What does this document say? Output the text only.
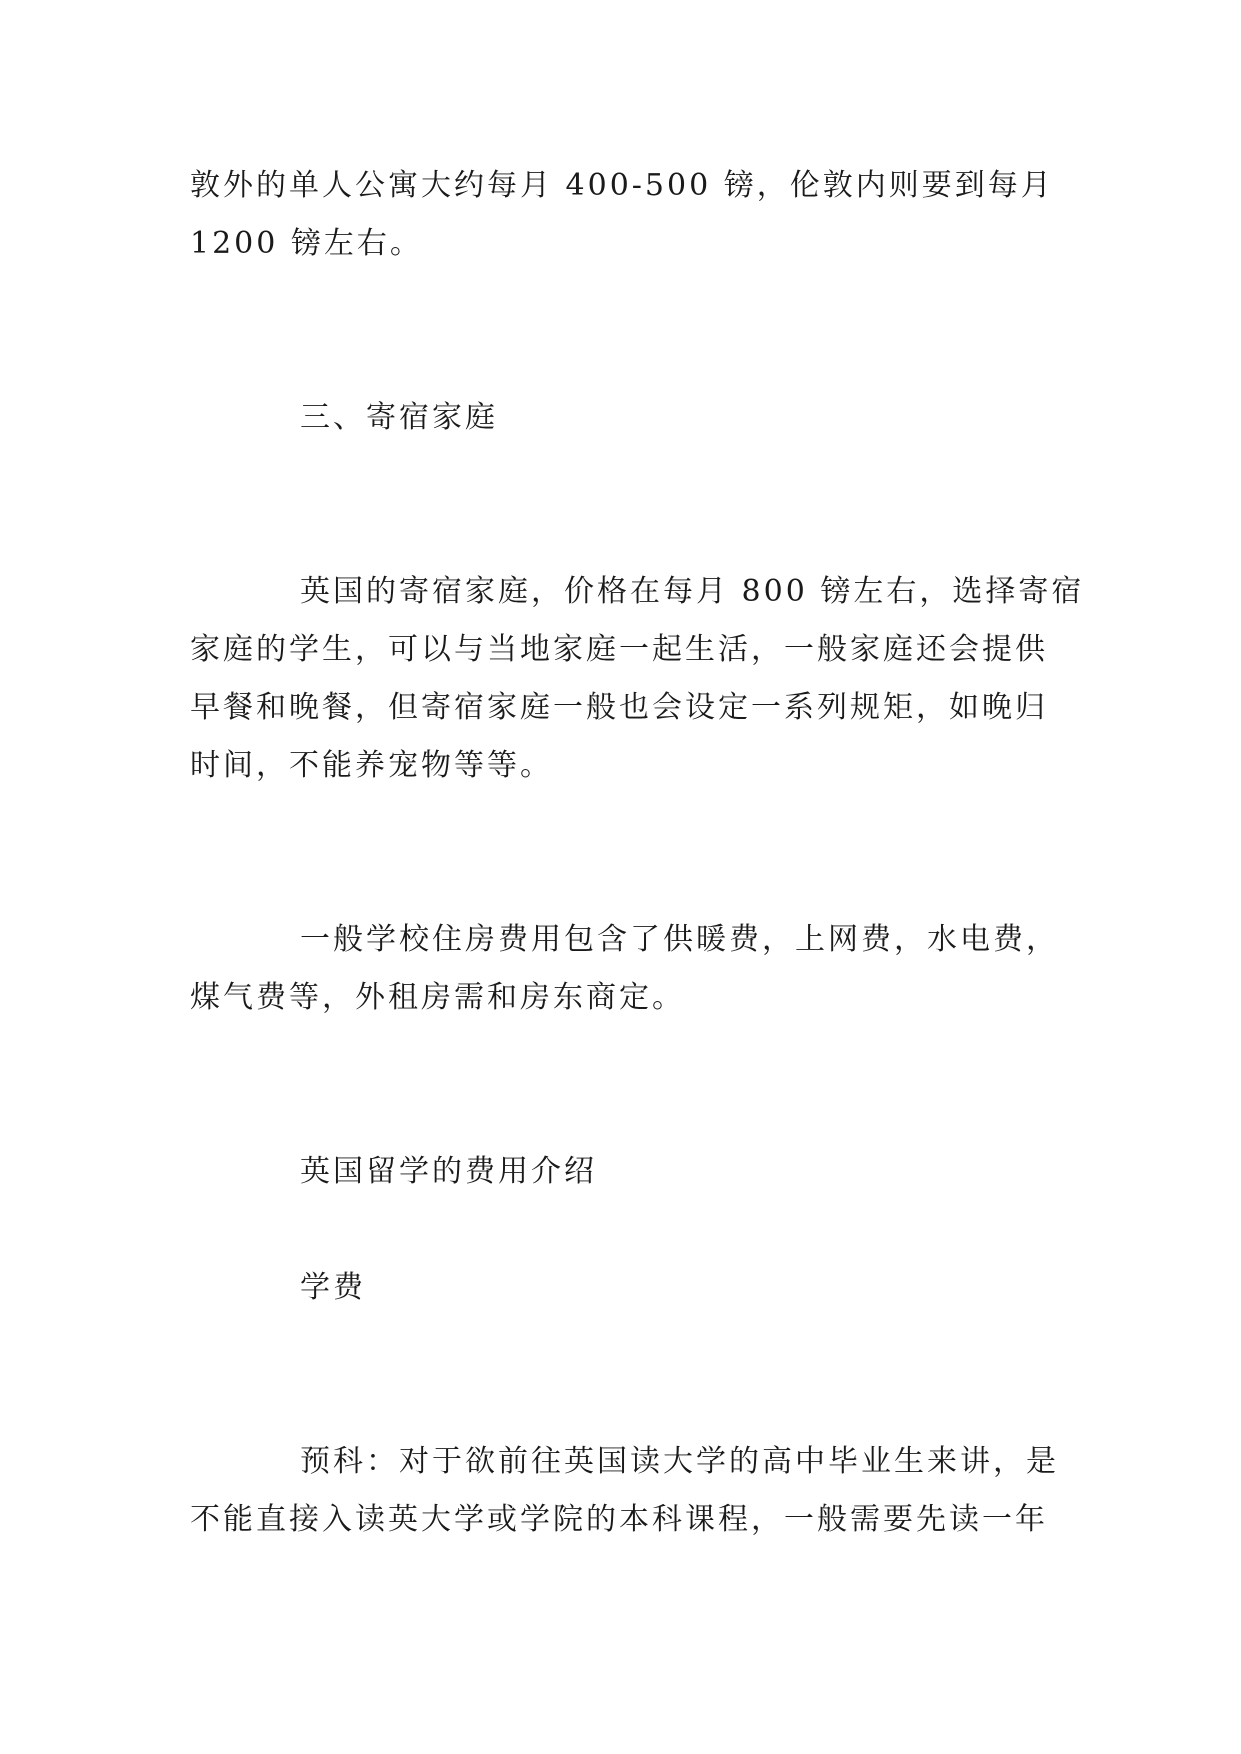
敦外的单人公寓大约每月 400-500 镑，伦敦内则要到每月
1200 镑左右。
三、寄宿家庭
英国的寄宿家庭，价格在每月 800 镑左右，选择寄宿
家庭的学生，可以与当地家庭一起生活，一般家庭还会提供
早餐和晚餐，但寄宿家庭一般也会设定一系列规矩，如晚归
时间，不能养宠物等等。
一般学校住房费用包含了供暖费，上网费，水电费，
煤气费等，外租房需和房东商定。
英国留学的费用介绍
学费
预科：对于欲前往英国读大学的高中毕业生来讲，是
不能直接入读英大学或学院的本科课程，一般需要先读一年
